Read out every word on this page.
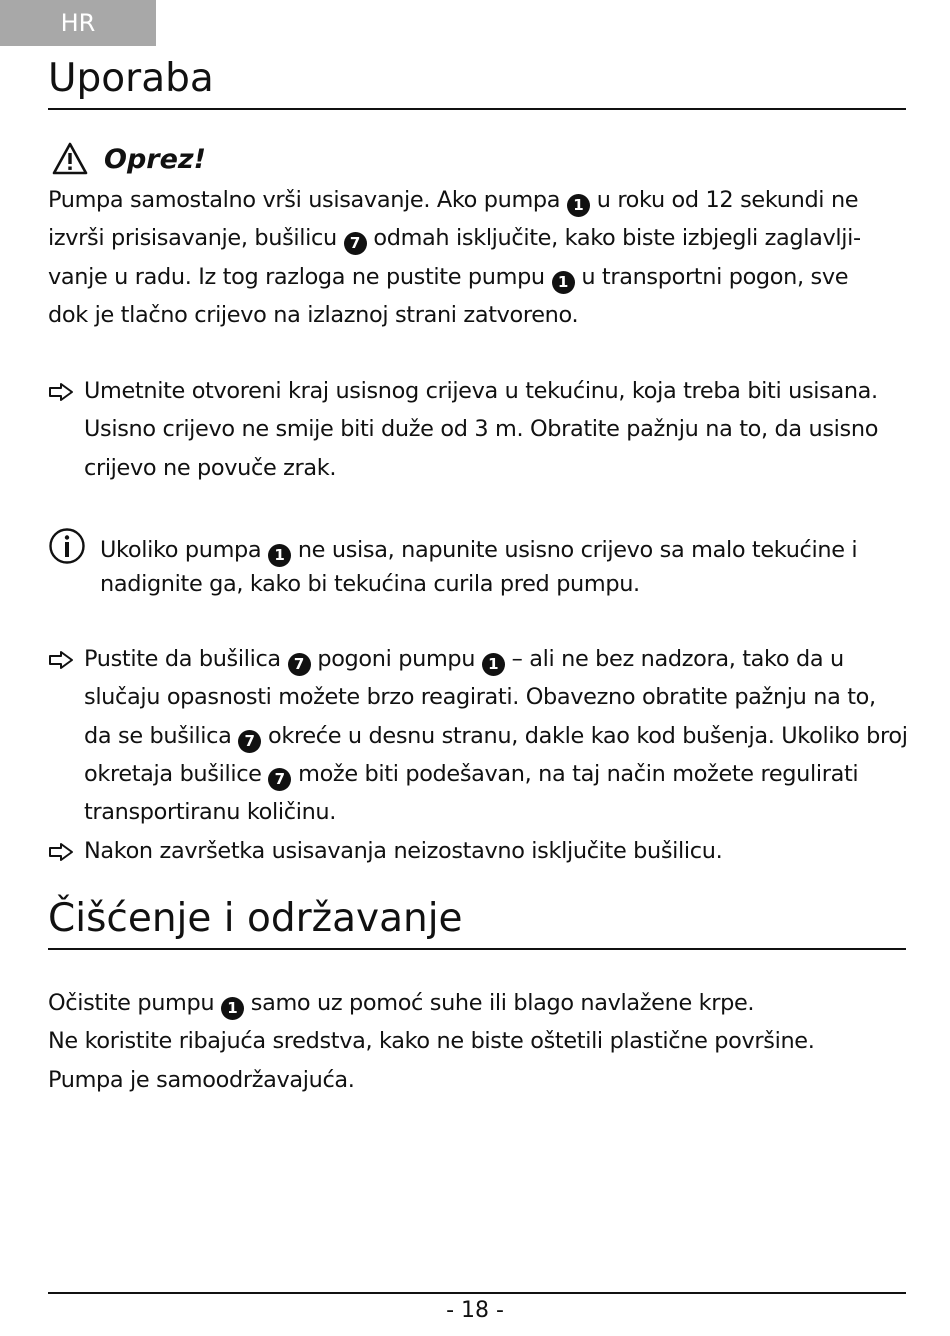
HR
Uporaba
Oprez!
Pumpa samostalno vrši usisavanje. Ako pumpa 1 u roku od 12 sekundi ne
izvrši prisisavanje, bušilicu 7 odmah isključite, kako biste izbjegli zaglavlji-
vanje u radu. Iz tog razloga ne pustite pumpu 1 u transportni pogon, sve
dok je tlačno crijevo na izlaznoj strani zatvoreno.
Umetnite otvoreni kraj usisnog crijeva u tekućinu, koja treba biti usisana.
Usisno crijevo ne smije biti duže od 3 m. Obratite pažnju na to, da usisno
crijevo ne povuče zrak.
Ukoliko pumpa 1 ne usisa, napunite usisno crijevo sa malo tekućine i
nadignite ga, kako bi tekućina curila pred pumpu.
Pustite da bušilica 7 pogoni pumpu 1 – ali ne bez nadzora, tako da u
slučaju opasnosti možete brzo reagirati. Obavezno obratite pažnju na to,
da se bušilica 7 okreće u desnu stranu, dakle kao kod bušenja. Ukoliko broj
okretaja bušilice 7 može biti podešavan, na taj način možete regulirati
transportiranu količinu.
Nakon završetka usisavanja neizostavno isključite bušilicu.
Čišćenje i održavanje
Očistite pumpu 1 samo uz pomoć suhe ili blago navlažene krpe.
Ne koristite ribajuća sredstva, kako ne biste oštetili plastične površine.
Pumpa je samoodržavajuća.
- 18 -
